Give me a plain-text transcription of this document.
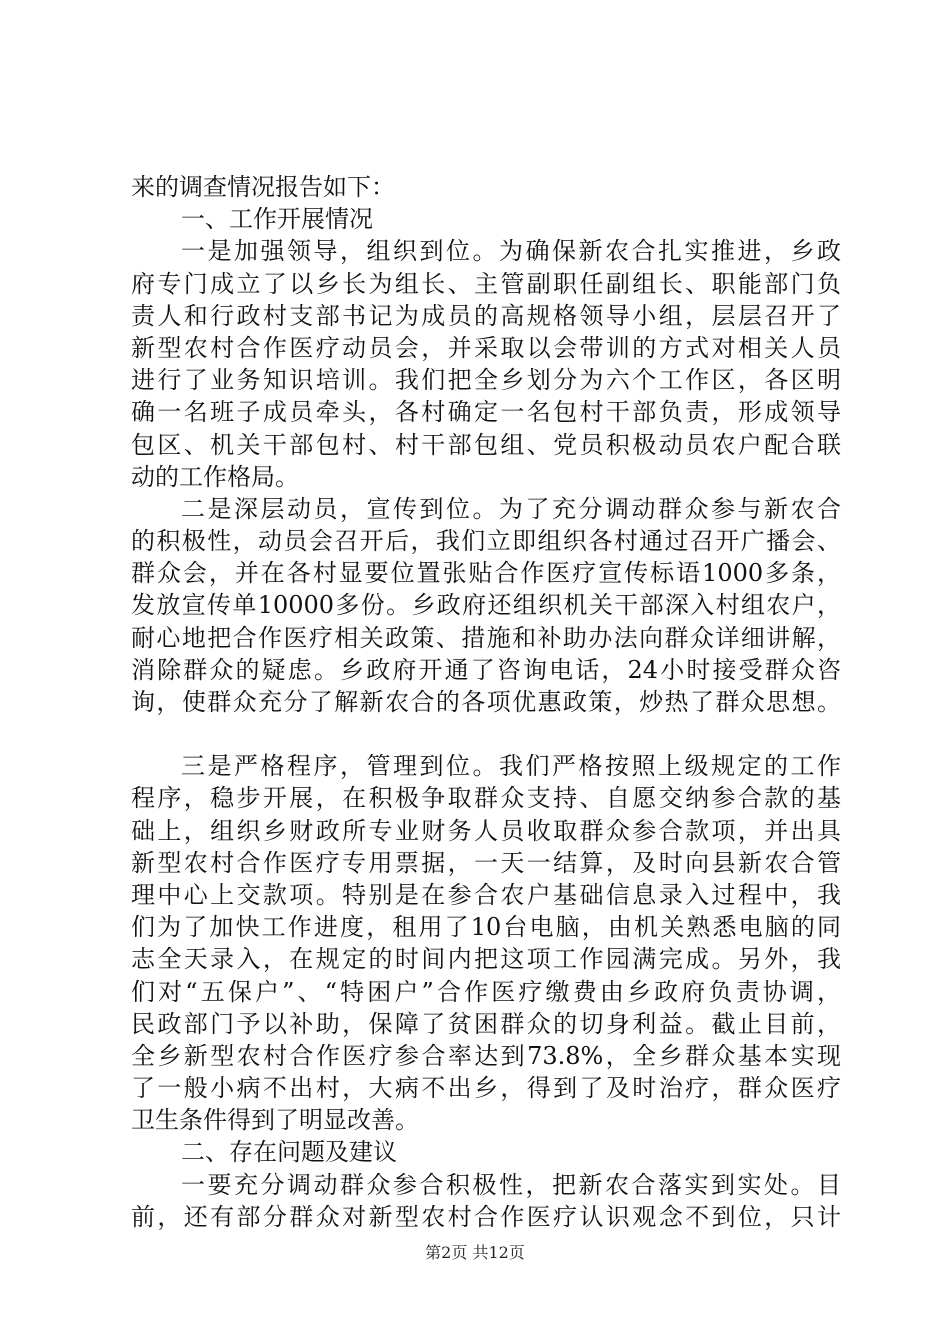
来的调查情况报告如下：
一、工作开展情况
一是加强领导，组织到位。为确保新农合扎实推进，乡政
府专门成立了以乡长为组长、主管副职任副组长、职能部门负
责人和行政村支部书记为成员的高规格领导小组，层层召开了
新型农村合作医疗动员会，并采取以会带训的方式对相关人员
进行了业务知识培训。我们把全乡划分为六个工作区，各区明
确一名班子成员牵头，各村确定一名包村干部负责，形成领导
包区、机关干部包村、村干部包组、党员积极动员农户配合联
动的工作格局。
二是深层动员，宣传到位。为了充分调动群众参与新农合
的积极性，动员会召开后，我们立即组织各村通过召开广播会、
群众会，并在各村显要位置张贴合作医疗宣传标语1000多条，
发放宣传单10000多份。乡政府还组织机关干部深入村组农户，
耐心地把合作医疗相关政策、措施和补助办法向群众详细讲解，
消除群众的疑虑。乡政府开通了咨询电话，24小时接受群众咨
询，使群众充分了解新农合的各项优惠政策，炒热了群众思想。
三是严格程序，管理到位。我们严格按照上级规定的工作
程序，稳步开展，在积极争取群众支持、自愿交纳参合款的基
础上，组织乡财政所专业财务人员收取群众参合款项，并出具
新型农村合作医疗专用票据，一天一结算，及时向县新农合管
理中心上交款项。特别是在参合农户基础信息录入过程中，我
们为了加快工作进度，租用了10台电脑，由机关熟悉电脑的同
志全天录入，在规定的时间内把这项工作园满完成。另外，我
们对“五保户”、“特困户”合作医疗缴费由乡政府负责协调，
民政部门予以补助，保障了贫困群众的切身利益。截止目前，
全乡新型农村合作医疗参合率达到73.8%，全乡群众基本实现
了一般小病不出村，大病不出乡，得到了及时治疗，群众医疗
卫生条件得到了明显改善。
二、存在问题及建议
一要充分调动群众参合积极性，把新农合落实到实处。目
前，还有部分群众对新型农村合作医疗认识观念不到位，只计
第2页 共12页
